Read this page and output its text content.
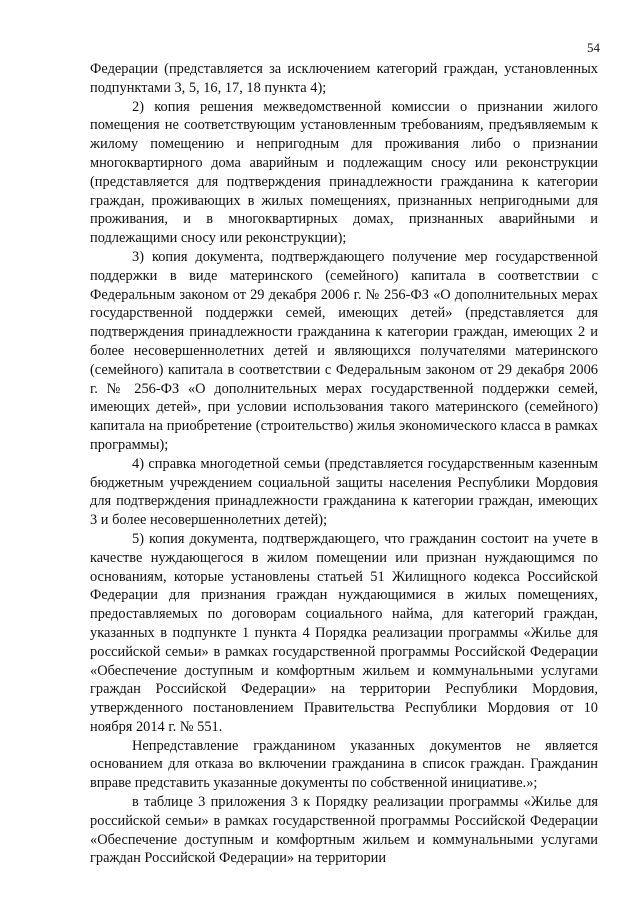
54

Федерации (представляется за исключением категорий граждан, установленных подпунктами 3, 5, 16, 17, 18 пункта 4);

2) копия решения межведомственной комиссии о признании жилого помещения не соответствующим установленным требованиям, предъявляемым к жилому помещению и непригодным для проживания либо о признании многоквартирного дома аварийным и подлежащим сносу или реконструкции (представляется для подтверждения принадлежности гражданина к категории граждан, проживающих в жилых помещениях, признанных непригодными для проживания, и в многоквартирных домах, признанных аварийными и подлежащими сносу или реконструкции);

3) копия документа, подтверждающего получение мер государственной поддержки в виде материнского (семейного) капитала в соответствии с Федеральным законом от 29 декабря 2006 г. № 256-ФЗ «О дополнительных мерах государственной поддержки семей, имеющих детей» (представляется для подтверждения принадлежности гражданина к категории граждан, имеющих 2 и более несовершеннолетних детей и являющихся получателями материнского (семейного) капитала в соответствии с Федеральным законом от 29 декабря 2006 г. № 256-ФЗ «О дополнительных мерах государственной поддержки семей, имеющих детей», при условии использования такого материнского (семейного) капитала на приобретение (строительство) жилья экономического класса в рамках программы);

4) справка многодетной семьи (представляется государственным казенным бюджетным учреждением социальной защиты населения Республики Мордовия для подтверждения принадлежности гражданина к категории граждан, имеющих 3 и более несовершеннолетних детей);

5) копия документа, подтверждающего, что гражданин состоит на учете в качестве нуждающегося в жилом помещении или признан нуждающимся по основаниям, которые установлены статьей 51 Жилищного кодекса Российской Федерации для признания граждан нуждающимися в жилых помещениях, предоставляемых по договорам социального найма, для категорий граждан, указанных в подпункте 1 пункта 4 Порядка реализации программы «Жилье для российской семьи» в рамках государственной программы Российской Федерации «Обеспечение доступным и комфортным жильем и коммунальными услугами граждан Российской Федерации» на территории Республики Мордовия, утвержденного постановлением Правительства Республики Мордовия от 10 ноября 2014 г. № 551.

Непредставление гражданином указанных документов не является основанием для отказа во включении гражданина в список граждан. Гражданин вправе представить указанные документы по собственной инициативе.»;

в таблице 3 приложения 3 к Порядку реализации программы «Жилье для российской семьи» в рамках государственной программы Российской Федерации «Обеспечение доступным и комфортным жильем и коммунальными услугами граждан Российской Федерации» на территории
